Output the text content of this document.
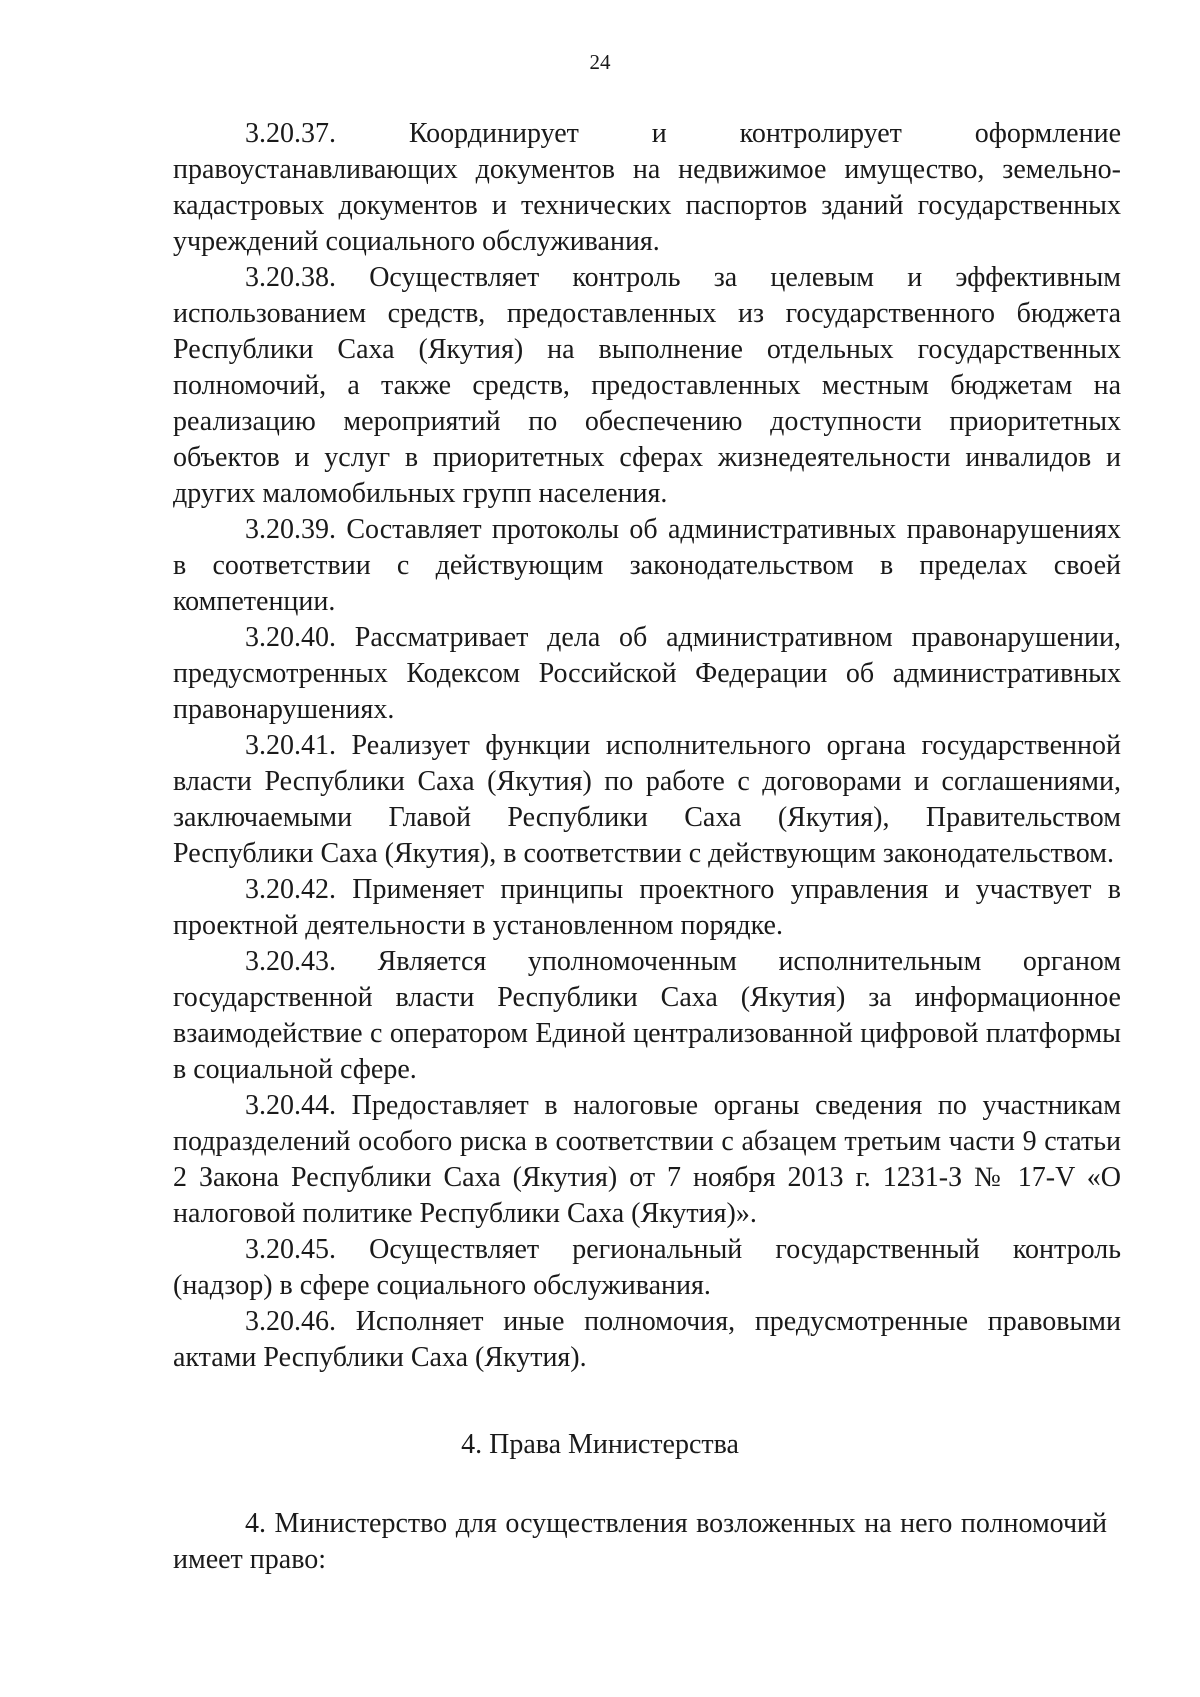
24

3.20.37. Координирует и контролирует оформление правоустанавливающих документов на недвижимое имущество, земельно-кадастровых документов и технических паспортов зданий государственных учреждений социального обслуживания.

3.20.38. Осуществляет контроль за целевым и эффективным использованием средств, предоставленных из государственного бюджета Республики Саха (Якутия) на выполнение отдельных государственных полномочий, а также средств, предоставленных местным бюджетам на реализацию мероприятий по обеспечению доступности приоритетных объектов и услуг в приоритетных сферах жизнедеятельности инвалидов и других маломобильных групп населения.

3.20.39. Составляет протоколы об административных правонарушениях в соответствии с действующим законодательством в пределах своей компетенции.

3.20.40. Рассматривает дела об административном правонарушении, предусмотренных Кодексом Российской Федерации об административных правонарушениях.

3.20.41. Реализует функции исполнительного органа государственной власти Республики Саха (Якутия) по работе с договорами и соглашениями, заключаемыми Главой Республики Саха (Якутия), Правительством Республики Саха (Якутия), в соответствии с действующим законодательством.

3.20.42. Применяет принципы проектного управления и участвует в проектной деятельности в установленном порядке.

3.20.43. Является уполномоченным исполнительным органом государственной власти Республики Саха (Якутия) за информационное взаимодействие с оператором Единой централизованной цифровой платформы в социальной сфере.

3.20.44. Предоставляет в налоговые органы сведения по участникам подразделений особого риска в соответствии с абзацем третьим части 9 статьи 2 Закона Республики Саха (Якутия) от 7 ноября 2013 г. 1231-З № 17-V «О налоговой политике Республики Саха (Якутия)».

3.20.45. Осуществляет региональный государственный контроль (надзор) в сфере социального обслуживания.

3.20.46. Исполняет иные полномочия, предусмотренные правовыми актами Республики Саха (Якутия).

4. Права Министерства

4. Министерство для осуществления возложенных на него полномочий имеет право:
